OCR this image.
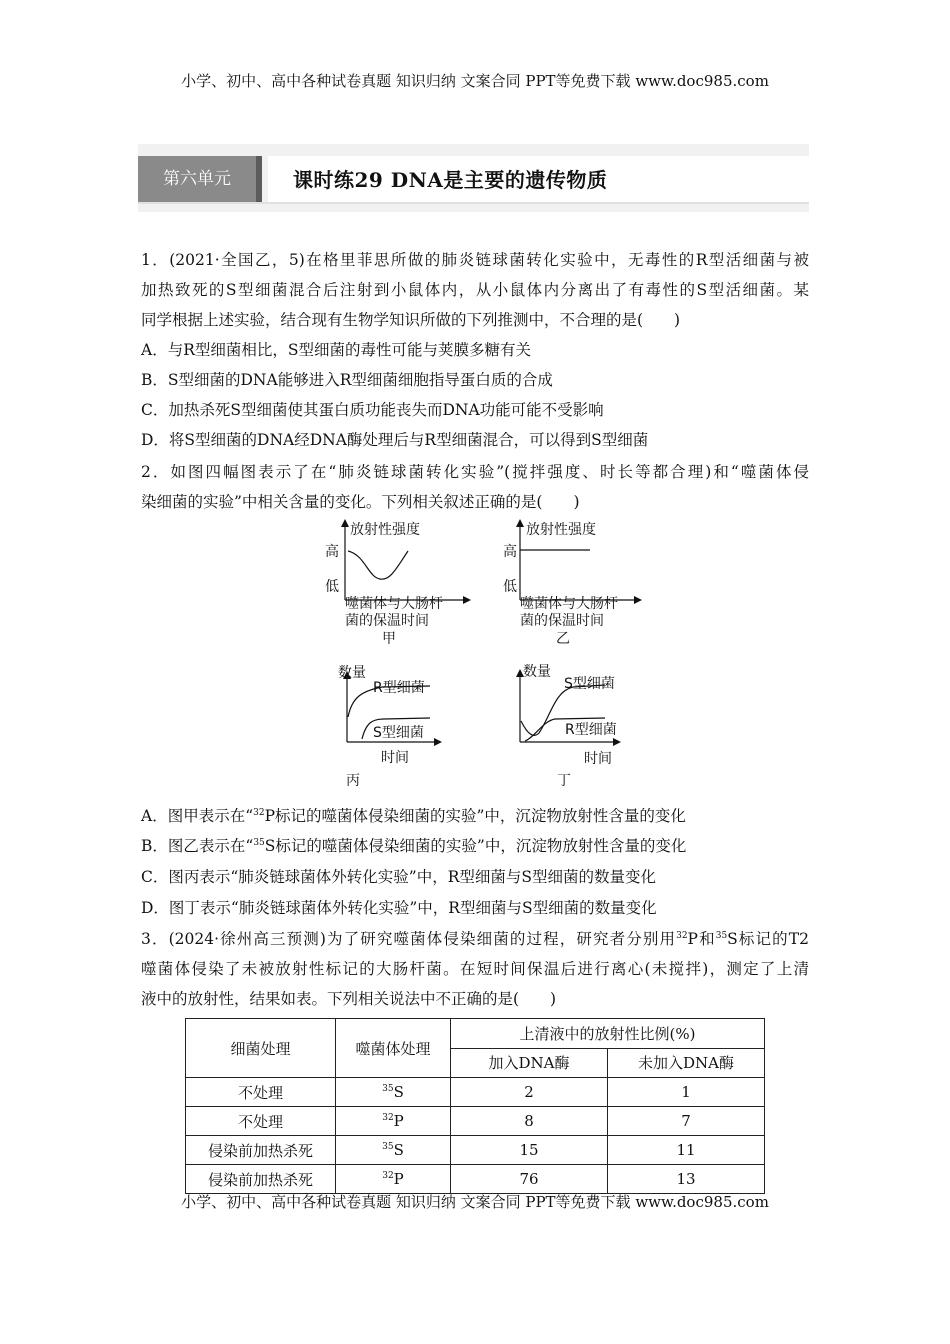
小学、初中、高中各种试卷真题 知识归纳 文案合同 PPT等免费下载 www.doc985.com
第六单元	课时练29 DNA是主要的遗传物质
1．(2021·全国乙，5)在格里菲思所做的肺炎链球菌转化实验中，无毒性的R型活细菌与被
加热致死的S型细菌混合后注射到小鼠体内，从小鼠体内分离出了有毒性的S型活细菌。某
同学根据上述实验，结合现有生物学知识所做的下列推测中，不合理的是(　　)
A．与R型细菌相比，S型细菌的毒性可能与荚膜多糖有关
B．S型细菌的DNA能够进入R型细菌细胞指导蛋白质的合成
C．加热杀死S型细菌使其蛋白质功能丧失而DNA功能可能不受影响
D．将S型细菌的DNA经DNA酶处理后与R型细菌混合，可以得到S型细菌
2．如图四幅图表示了在“肺炎链球菌转化实验”(搅拌强度、时长等都合理)和“噬菌体侵
染细菌的实验”中相关含量的变化。下列相关叙述正确的是(　　)
放射性强度
高
低
噬菌体与大肠杆
菌的保温时间
甲
放射性强度
高
低
噬菌体与大肠杆
菌的保温时间
乙
数量
R型细菌
S型细菌
时间
丙
数量
S型细菌
R型细菌
时间
丁
A．图甲表示在“$^{32}$P标记的噬菌体侵染细菌的实验”中，沉淀物放射性含量的变化
B．图乙表示在“$^{35}$S标记的噬菌体侵染细菌的实验”中，沉淀物放射性含量的变化
C．图丙表示“肺炎链球菌体外转化实验”中，R型细菌与S型细菌的数量变化
D．图丁表示“肺炎链球菌体外转化实验”中，R型细菌与S型细菌的数量变化
3．(2024·徐州高三预测)为了研究噬菌体侵染细菌的过程，研究者分别用$^{32}$P和$^{35}$S标记的T2
噬菌体侵染了未被放射性标记的大肠杆菌。在短时间保温后进行离心(未搅拌)，测定了上清
液中的放射性，结果如表。下列相关说法中不正确的是(　　)
细菌处理	噬菌体处理	上清液中的放射性比例(%)	
		加入DNA酶	未加入DNA酶
不处理	$^{35}$S	2	1
不处理	$^{32}$P	8	7
侵染前加热杀死	$^{35}$S	15	11
侵染前加热杀死	$^{32}$P	76	13
小学、初中、高中各种试卷真题 知识归纳 文案合同 PPT等免费下载 www.doc985.com
